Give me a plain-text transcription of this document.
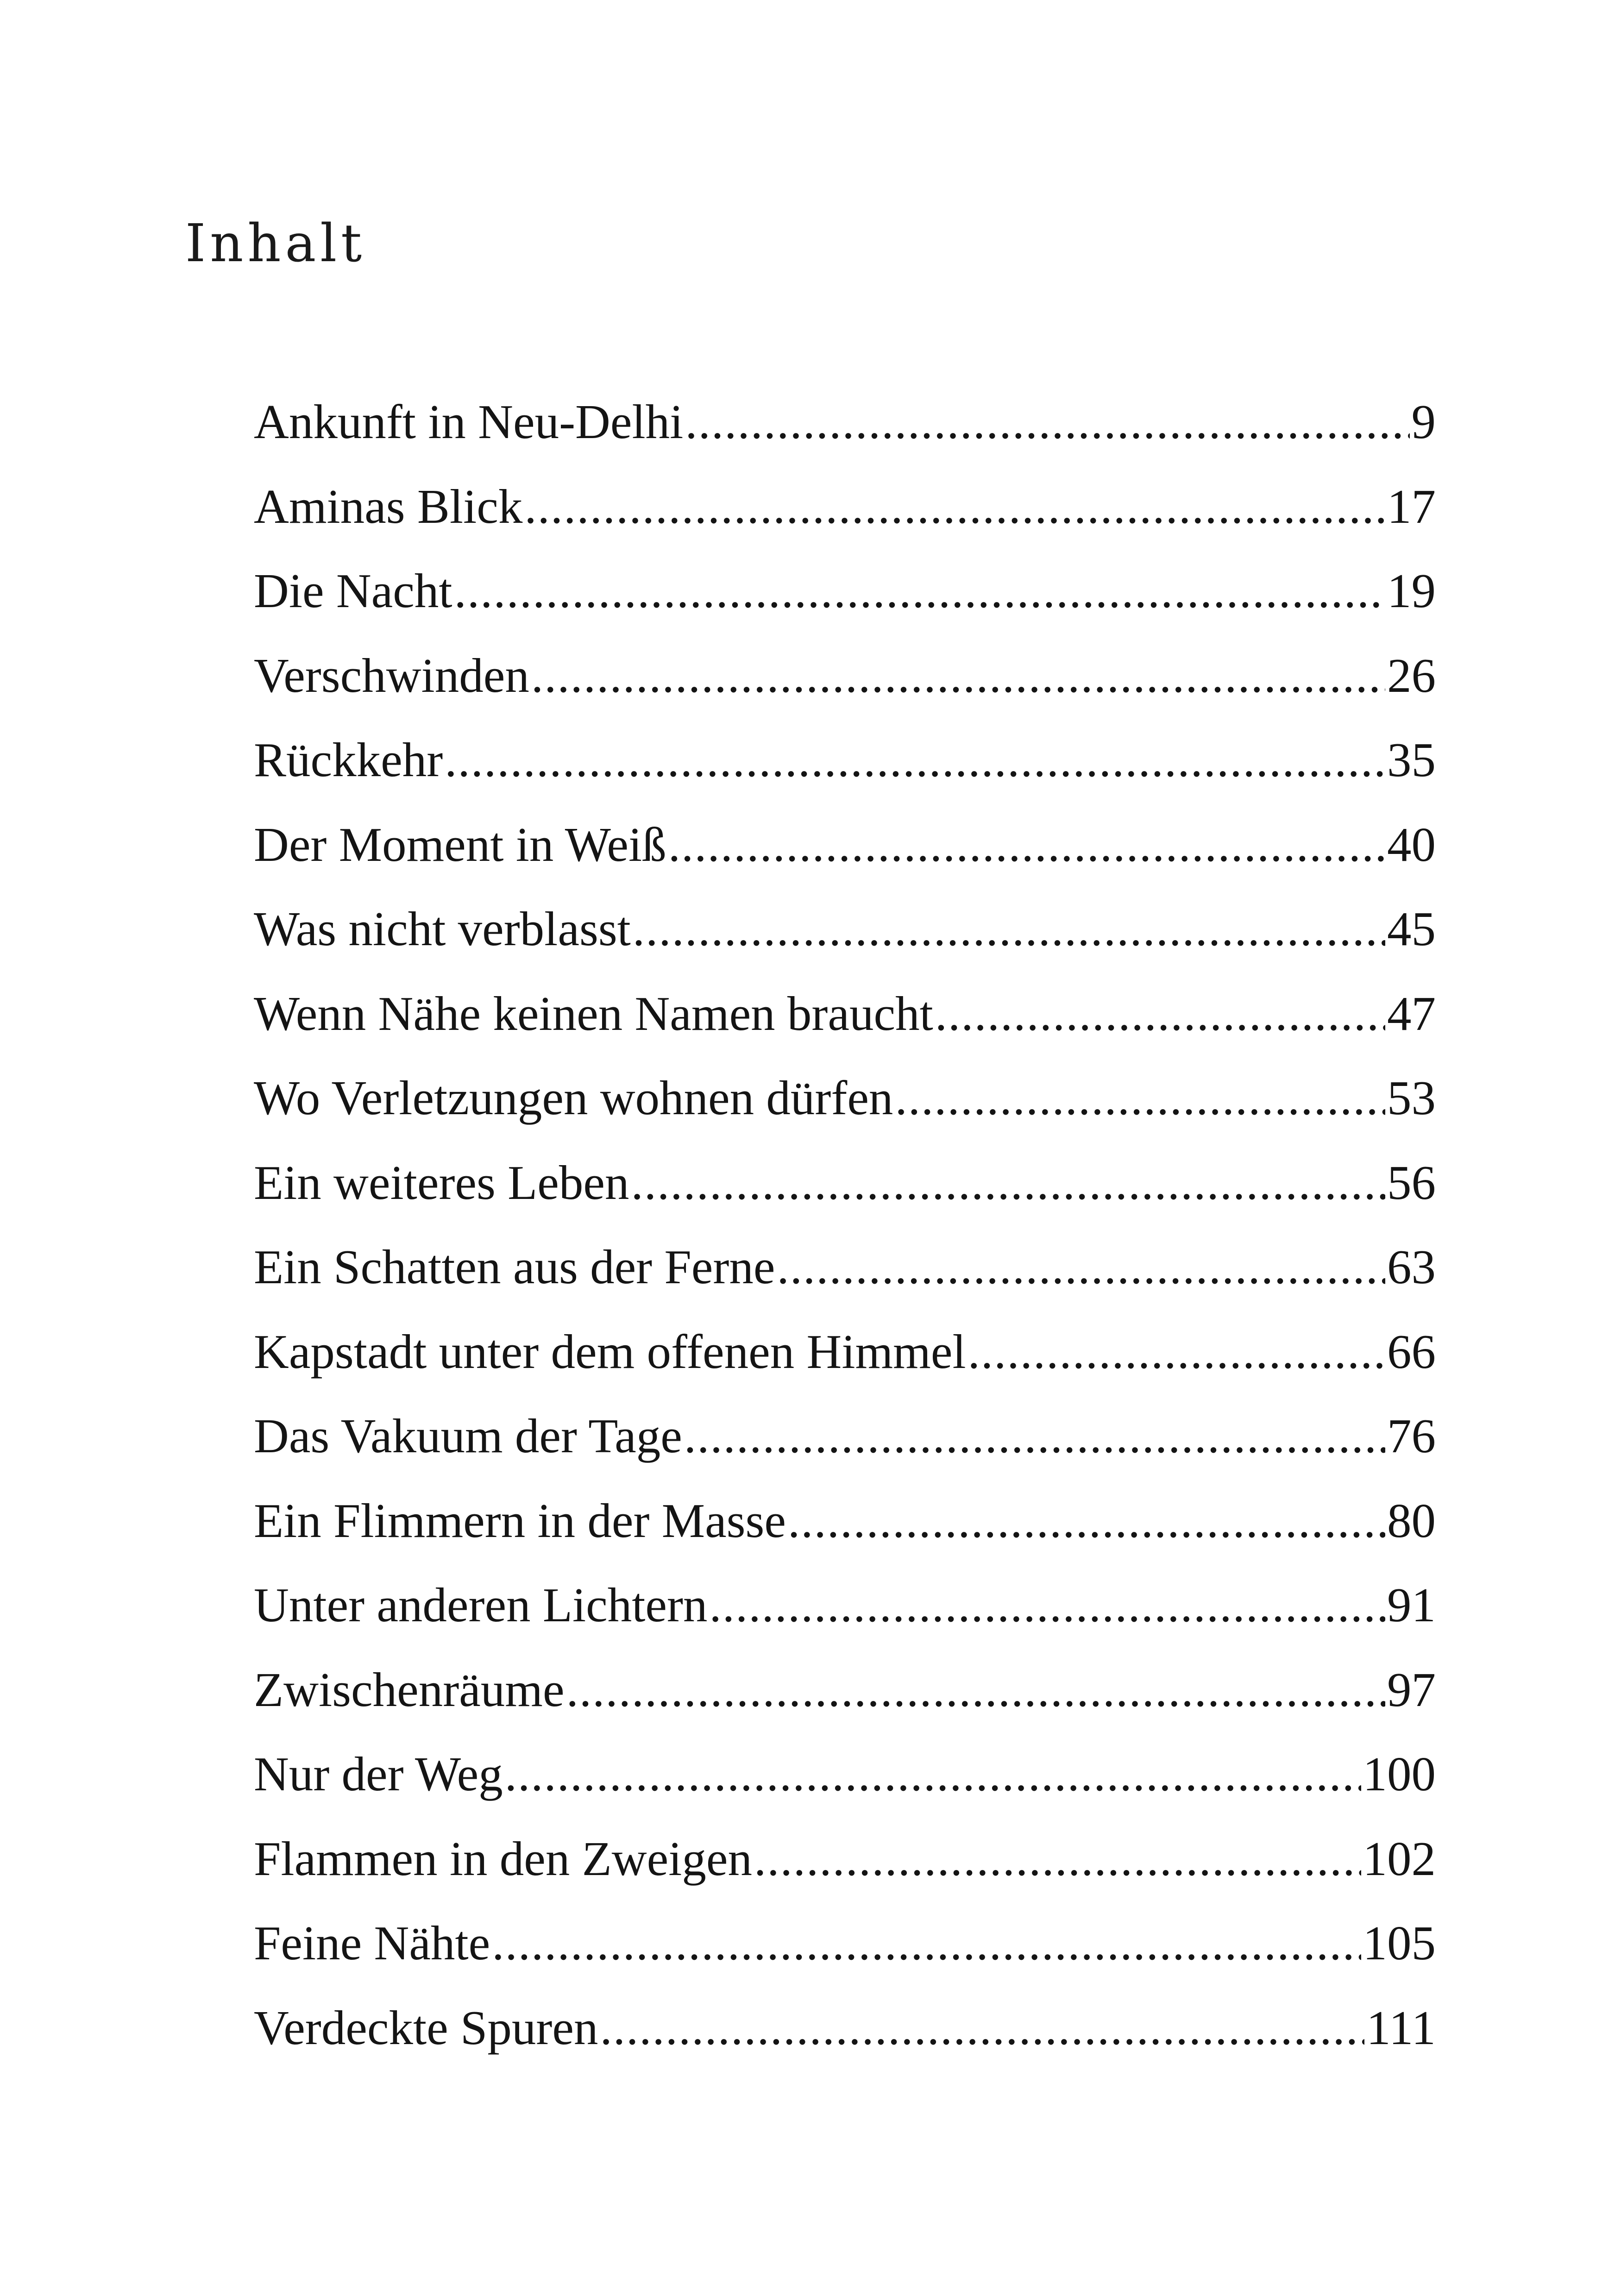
Inhalt
Ankunft in Neu-Delhi .....	9
Aminas Blick .....	17
Die Nacht .....	19
Verschwinden .....	26
Rückkehr .....	35
Der Moment in Weiß .....	40
Was nicht verblasst .....	45
Wenn Nähe keinen Namen braucht .....	47
Wo Verletzungen wohnen dürfen .....	53
Ein weiteres Leben .....	56
Ein Schatten aus der Ferne .....	63
Kapstadt unter dem offenen Himmel .....	66
Das Vakuum der Tage .....	76
Ein Flimmern in der Masse .....	80
Unter anderen Lichtern .....	91
Zwischenräume .....	97
Nur der Weg .....	100
Flammen in den Zweigen .....	102
Feine Nähte .....	105
Verdeckte Spuren .....	111
